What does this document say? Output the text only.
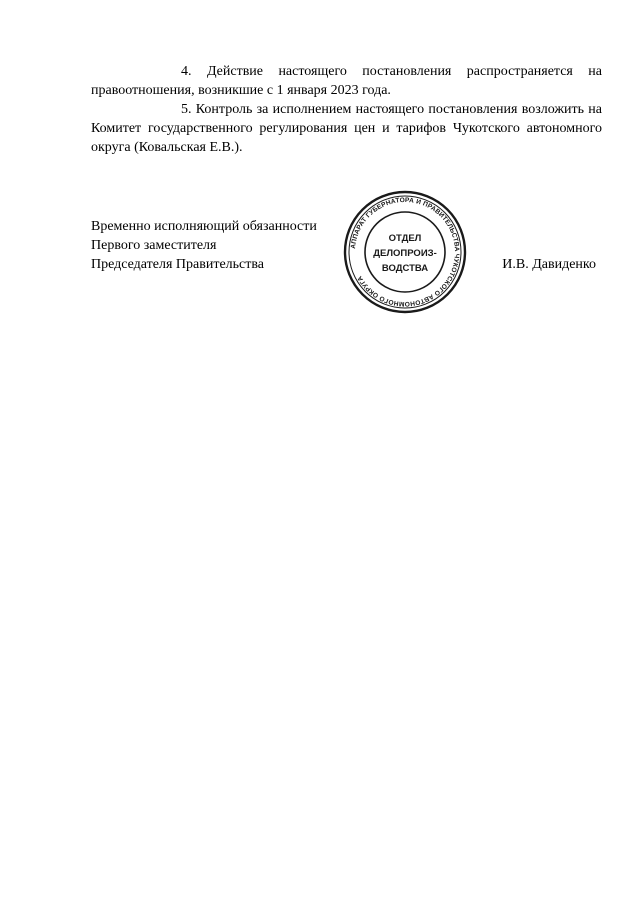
4. Действие настоящего постановления распространяется на правоотношения, возникшие с 1 января 2023 года.

5. Контроль за исполнением настоящего постановления возложить на Комитет государственного регулирования цен и тарифов Чукотского автономного округа (Ковальская Е.В.).

Временно исполняющий обязанности
Первого заместителя
Председателя Правительства	И.В. Давиденко
АППАРАТ ГУБЕРНАТОРА И ПРАВИТЕЛЬСТВА ЧУКОТСКОГО АВТОНОМНОГО ОКРУГА
ОТДЕЛ
ДЕЛОПРОИЗ-
ВОДСТВА
